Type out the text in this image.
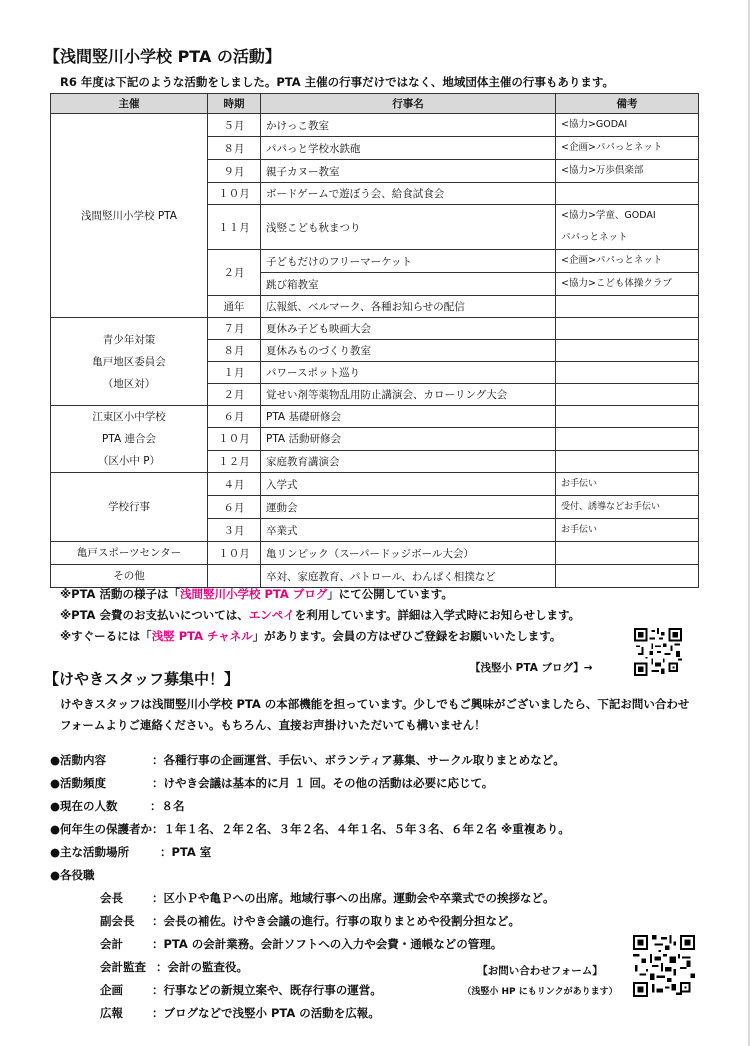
【浅間竪川小学校 PTA の活動】
R6 年度は下記のような活動をしました。PTA 主催の行事だけではなく、地域団体主催の行事もあります。
主催	時期	行事名	備考
浅間竪川小学校 PTA	５月	かけっこ教室	<協力>GODAI
	８月	パパっと学校水鉄砲	<企画>パパっとネット
	９月	親子カヌー教室	<協力>万歩倶楽部
	１０月	ボードゲームで遊ぼう会、給食試食会	
	１１月	浅竪こども秋まつり	<協力>学童、GODAI
パパっとネット
	２月	子どもだけのフリーマーケット	<企画>パパっとネット
		跳び箱教室	<協力>こども体操クラブ
	通年	広報紙、ベルマーク、各種お知らせの配信	
青少年対策
亀戸地区委員会
（地区対）	７月	夏休み子ども映画大会	
	８月	夏休みものづくり教室	
	１月	パワースポット巡り	
	２月	覚せい剤等薬物乱用防止講演会、カローリング大会	
江東区小中学校
PTA 連合会
（区小中 P）	６月	PTA 基礎研修会	
	１０月	PTA 活動研修会	
	１２月	家庭教育講演会	
学校行事	４月	入学式	お手伝い
	６月	運動会	受付、誘導などお手伝い
	３月	卒業式	お手伝い
亀戸スポーツセンター	１０月	亀リンピック（スーパードッジボール大会）	
その他		卒対、家庭教育、パトロール、わんぱく相撲など	
※PTA 活動の様子は「浅間竪川小学校 PTA ブログ」にて公開しています。
※PTA 会費のお支払いについては、エンペイを利用しています。詳細は入学式時にお知らせします。
※すぐーるには「浅竪 PTA チャネル」があります。会員の方はぜひご登録をお願いいたします。
【浅竪小 PTA ブログ】→
【けやきスタッフ募集中！】
けやきスタッフは浅間竪川小学校 PTA の本部機能を担っています。少しでもご興味がございましたら、下記お問い合わせフォームよりご連絡ください。もちろん、直接お声掛けいただいても構いません！
●活動内容	：各種行事の企画運営、手伝い、ボランティア募集、サークル取りまとめなど。
●活動頻度	：けやき会議は基本的に月 １ 回。その他の活動は必要に応じて。
●現在の人数	：８名
●何年生の保護者か：１年１名、２年２名、３年２名、４年１名、５年３名、６年２名 ※重複あり。
●主な活動場所	：PTA 室
●各役職
会長	：区小Ｐや亀Ｐへの出席。地域行事への出席。運動会や卒業式での挨拶など。
副会長 ：会長の補佐。けやき会議の進行。行事の取りまとめや役割分担など。
会計	：PTA の会計業務。会計ソフトへの入力や会費・通帳などの管理。
会計監査 ：会計の監査役。
企画	：行事などの新規立案や、既存行事の運営。
広報	：ブログなどで浅竪小 PTA の活動を広報。
【お問い合わせフォーム】
（浅竪小 HP にもリンクがあります）
